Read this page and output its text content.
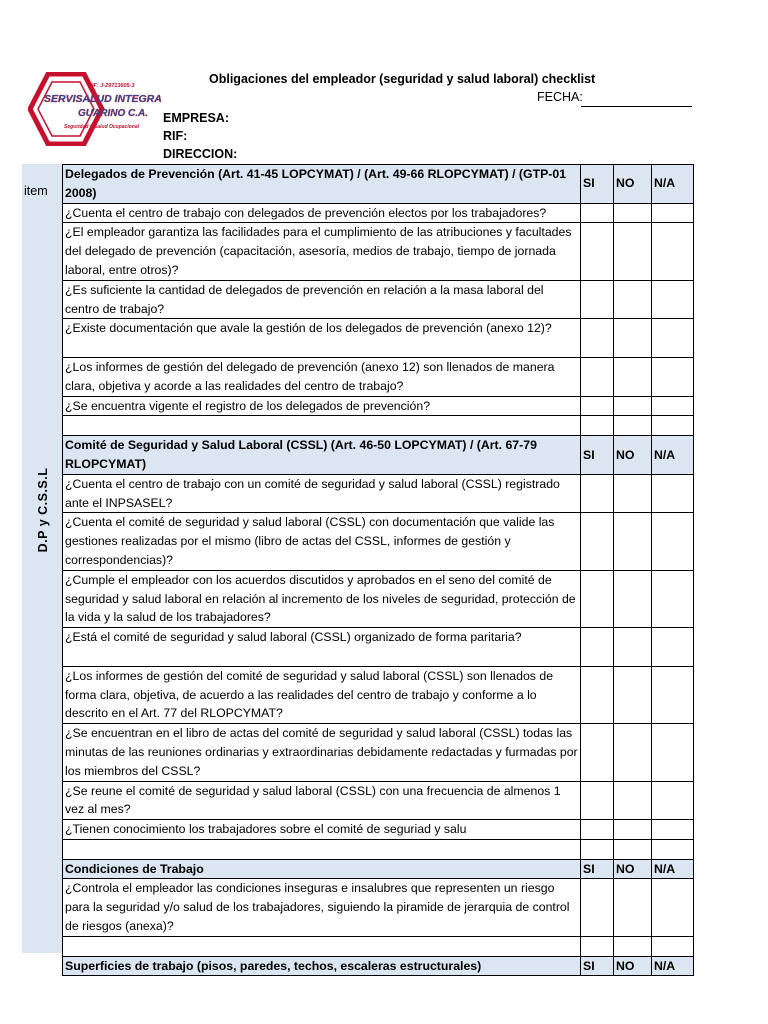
RIF: J-29713605-3
SERVISALUD INTEGRAL
GUARINO C.A.
Seguridad y Salud Ocupacional
Obligaciones del empleador (seguridad y salud laboral) checklist
FECHA:
EMPRESA:
RIF:
DIRECCION:
item
D.P y C.S.S.L
Delegados de Prevención (Art. 41-45 LOPCYMAT) / (Art. 49-66 RLOPCYMAT) / (GTP-01 2008)	SI	NO	N/A
¿Cuenta el centro de trabajo con delegados de prevención electos por los trabajadores?			
¿El empleador garantiza las facilidades para el cumplimiento de las atribuciones y facultades del delegado de prevención (capacitación, asesoría, medios de trabajo, tiempo de jornada laboral, entre otros)?			
¿Es suficiente la cantidad de delegados de prevención en relación a la masa laboral del centro de trabajo?			
¿Existe documentación que avale la gestión de los delegados de prevención (anexo 12)?			
¿Los informes de gestión del delegado de prevención (anexo 12) son llenados de manera clara, objetiva y acorde a las realidades del centro de trabajo?			
¿Se encuentra vigente el registro de los delegados de prevención?			

Comité de Seguridad y Salud Laboral (CSSL) (Art. 46-50 LOPCYMAT) / (Art. 67-79 RLOPCYMAT)	SI	NO	N/A
¿Cuenta el centro de trabajo con un comité de seguridad y salud laboral (CSSL) registrado ante el INPSASEL?			
¿Cuenta el comité de seguridad y salud laboral (CSSL) con documentación que valide las gestiones realizadas por el mismo (libro de actas del CSSL, informes de gestión y correspondencias)?			
¿Cumple el empleador con los acuerdos discutidos y aprobados en el seno del comité de seguridad y salud laboral en relación al incremento de los niveles de seguridad, protección de la vida y la salud de los trabajadores?			
¿Está el comité de seguridad y salud laboral (CSSL) organizado de forma paritaria?			
¿Los informes de gestión del comité de seguridad y salud laboral (CSSL) son llenados de forma clara, objetiva, de acuerdo a las realidades del centro de trabajo y conforme a lo descrito en el Art. 77 del RLOPCYMAT?			
¿Se encuentran en el libro de actas del comité de seguridad y salud laboral (CSSL) todas las minutas de las reuniones ordinarias y extraordinarias debidamente redactadas y furmadas por los miembros del CSSL?			
¿Se reune el comité de seguridad y salud laboral (CSSL) con una frecuencia de almenos 1 vez al mes?			
¿Tienen conocimiento los trabajadores sobre el comité de seguriad y salu			

Condiciones de Trabajo	SI	NO	N/A
¿Controla el empleador las condiciones inseguras e insalubres que representen un riesgo para la seguridad y/o salud de los trabajadores, siguiendo la piramide de jerarquia de control de riesgos (anexa)?			

Superficies de trabajo (pisos, paredes, techos, escaleras estructurales)	SI	NO	N/A
